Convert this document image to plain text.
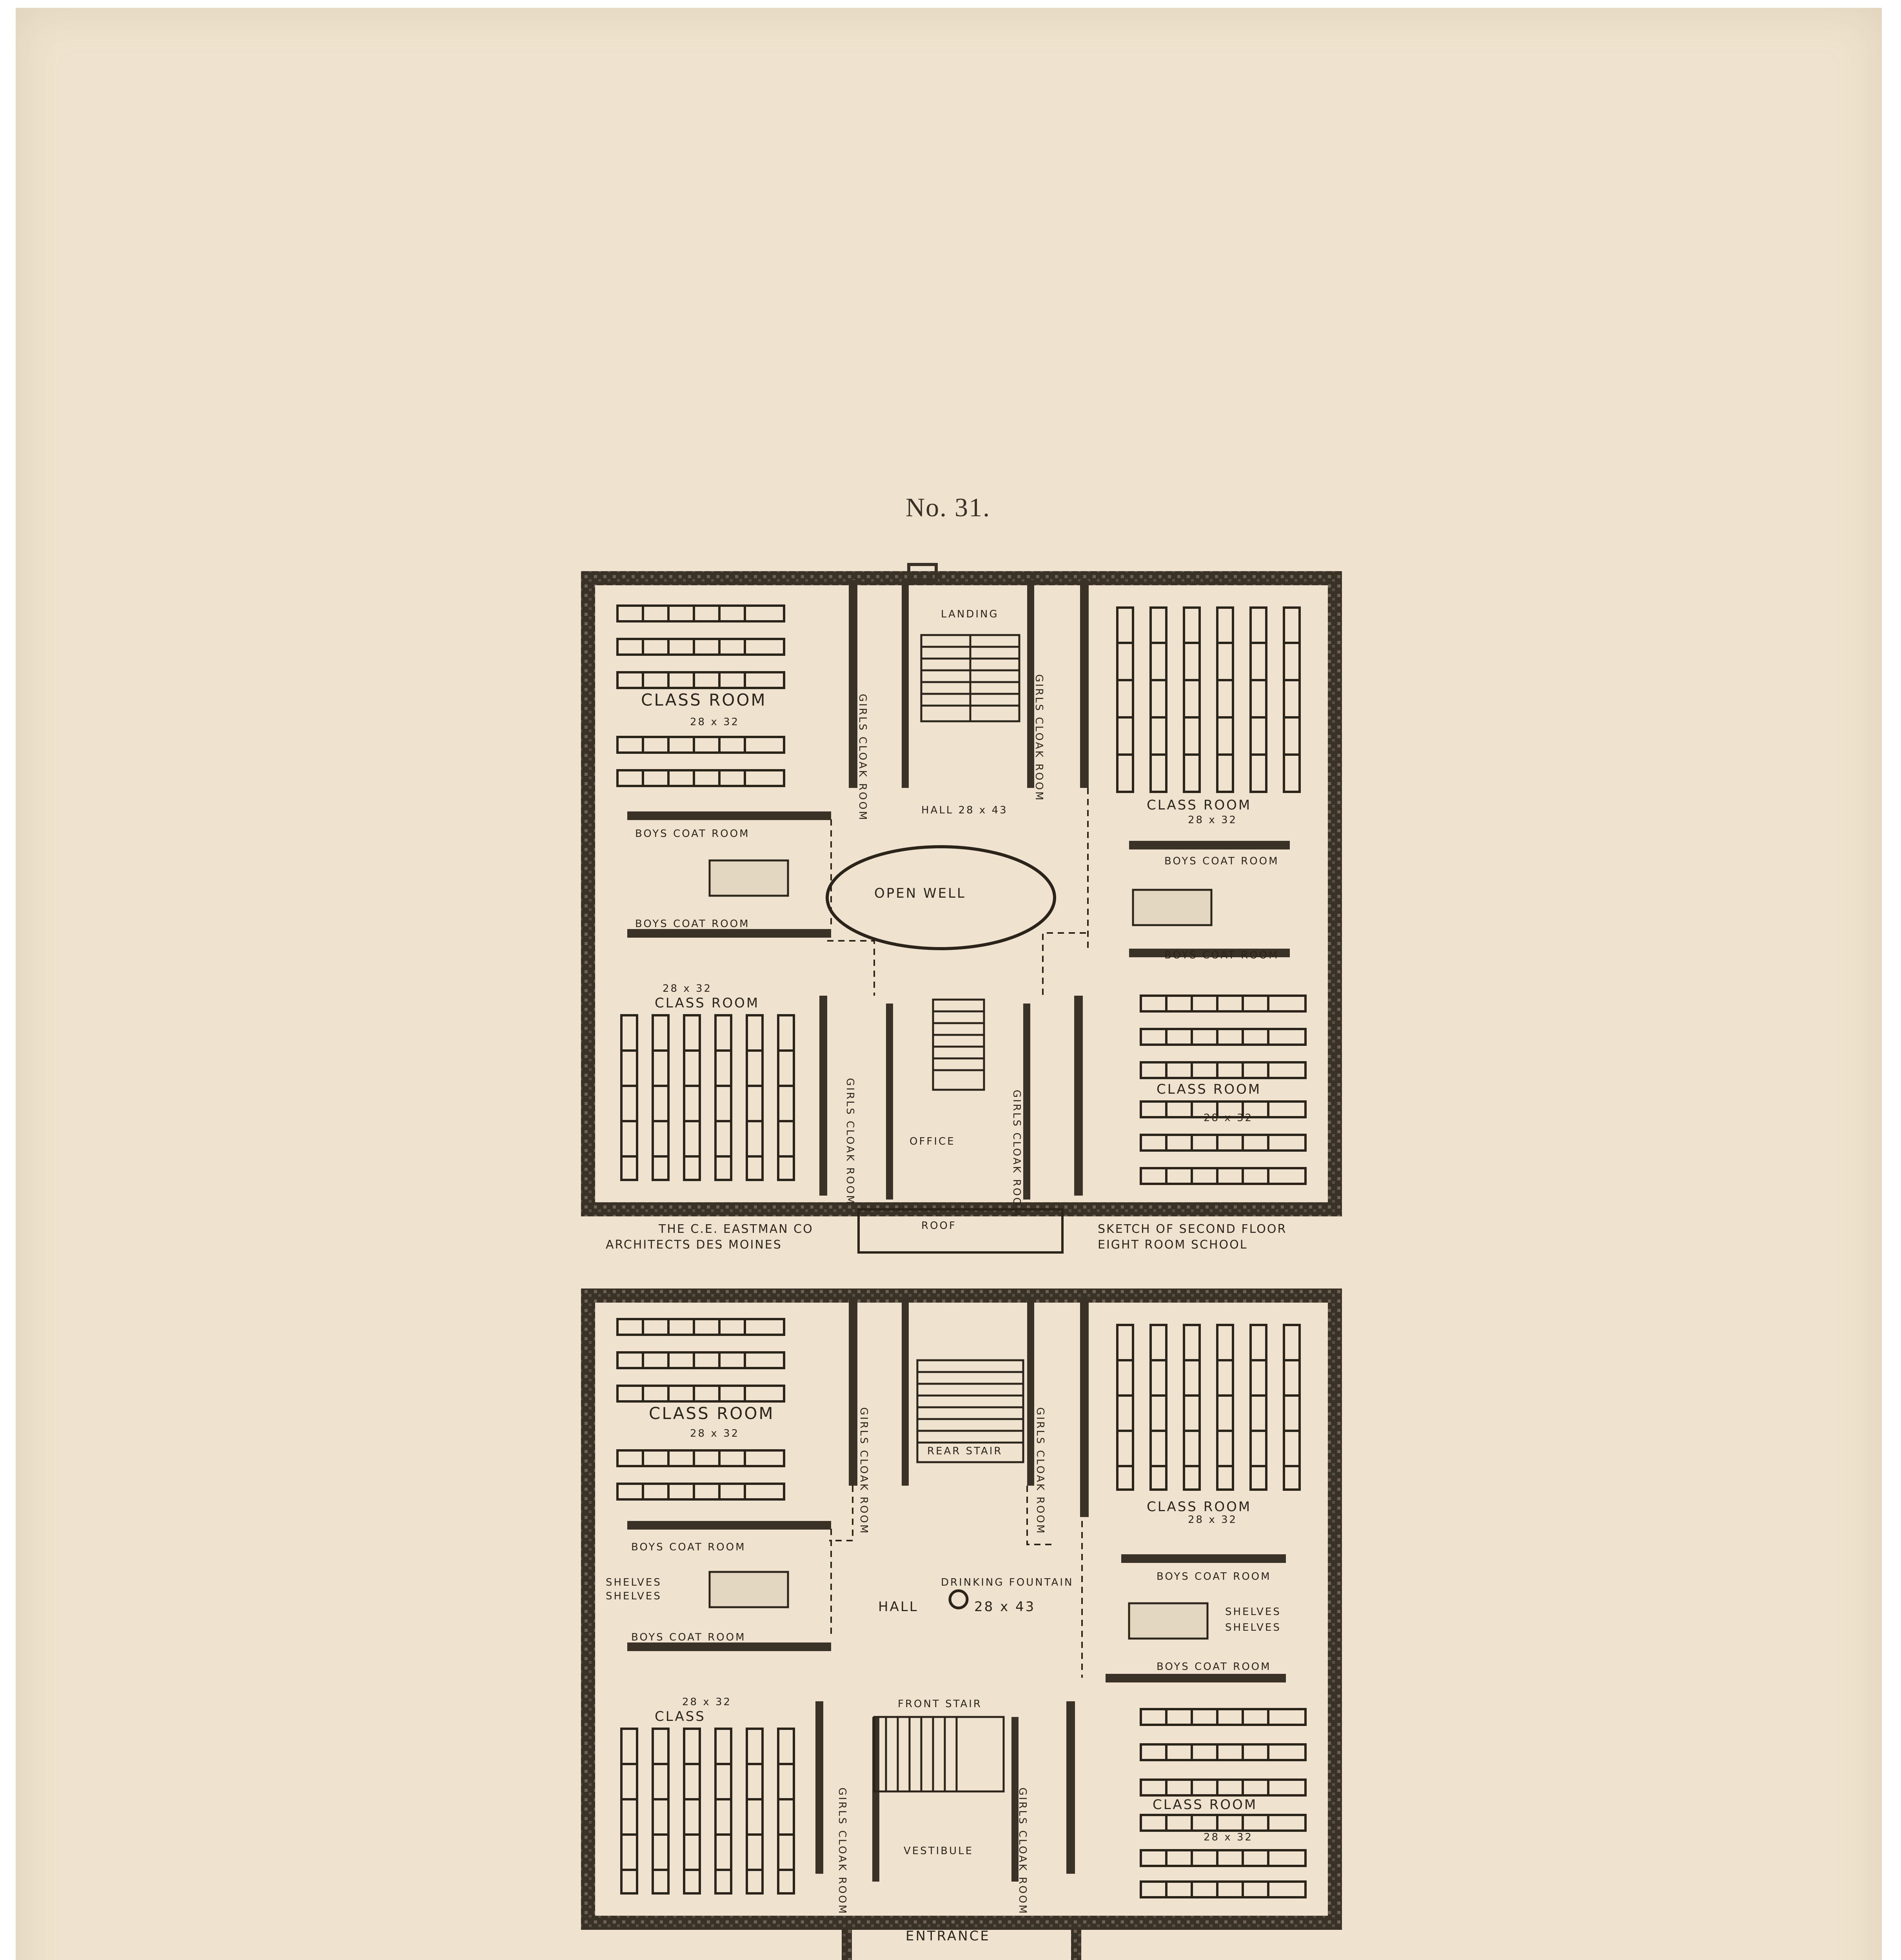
No. 31.
CLASS ROOM
28 x 32
CLASS ROOM
28 x 32
28 x 32
CLASS ROOM
CLASS ROOM
28 x 32
GIRLS CLOAK ROOM	GIRLS CLOAK ROOM
GIRLS CLOAK ROOM	GIRLS CLOAK ROOM
LANDING
HALL 28 x 43
OPEN WELL
BOYS COAT ROOM
BOYS COAT ROOM
BOYS COAT ROOM
BOYS COAT ROOM
OFFICE
ROOF
THE C.E. EASTMAN CO
ARCHITECTS DES MOINES
SKETCH OF SECOND FLOOR
EIGHT ROOM SCHOOL
CLASS ROOM
28 x 32
CLASS ROOM
28 x 32
28 x 32
CLASS
CLASS ROOM
28 x 32
GIRLS CLOAK ROOM	GIRLS CLOAK ROOM
GIRLS CLOAK ROOM	GIRLS CLOAK ROOM
REAR STAIR
HALL
DRINKING FOUNTAIN
28 x 43
BOYS COAT ROOM
BOYS COAT ROOM
BOYS COAT ROOM
BOYS COAT ROOM
SHELVES
SHELVES
SHELVES
SHELVES
FRONT STAIR
VESTIBULE
ENTRANCE
